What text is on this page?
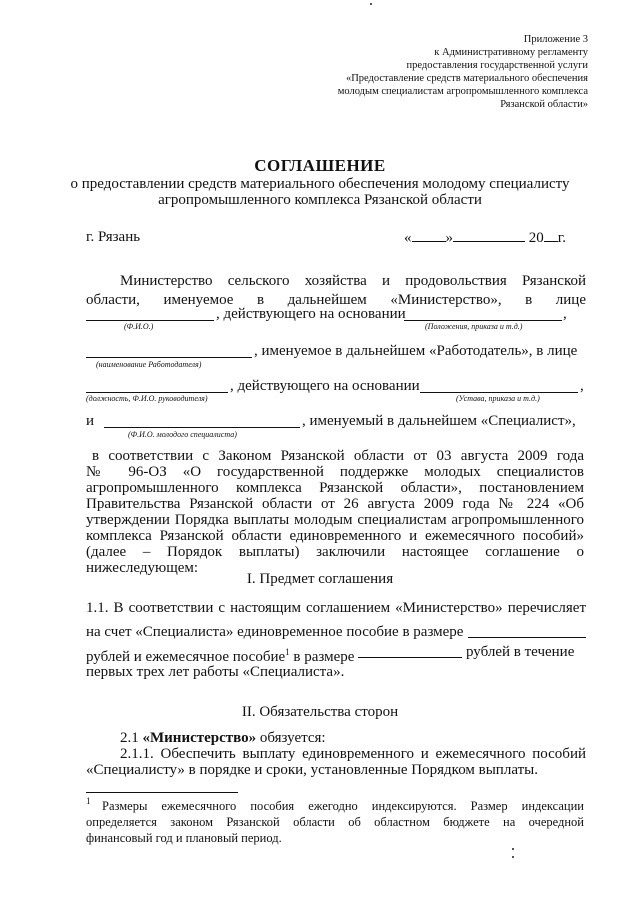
Приложение 3
к Административному регламенту
предоставления государственной услуги
«Предоставление средств материального обеспечения
молодым специалистам агропромышленного комплекса
Рязанской области»
СОГЛАШЕНИЕ
о предоставлении средств материального обеспечения молодому специалисту
агропромышленного комплекса Рязанской области
г. Рязань	« »	20 г.
Министерство сельского хозяйства и продовольствия Рязанской
области, именуемое в дальнейшем «Министерство», в лице
, действующего на основании	,
(Ф.И.О.)	(Положения, приказа и т.д.)
, именуемое в дальнейшем «Работодатель», в лице
(наименование Работодателя)
, действующего на основании	,
(должность, Ф.И.О. руководителя)	(Устава, приказа и т.д.)
и	, именуемый в дальнейшем «Специалист»,
(Ф.И.О. молодого специалиста)
в соответствии с Законом Рязанской области от 03 августа 2009 года
№ 96-ОЗ «О государственной поддержке молодых специалистов
агропромышленного комплекса Рязанской области», постановлением
Правительства Рязанской области от 26 августа 2009 года № 224 «Об
утверждении Порядка выплаты молодым специалистам агропромышленного
комплекса Рязанской области единовременного и ежемесячного пособий»
(далее – Порядок выплаты) заключили настоящее соглашение о
нижеследующем:
I. Предмет соглашения
1.1. В соответствии с настоящим соглашением «Министерство» перечисляет
на счет «Специалиста» единовременное пособие в размере
рублей и ежемесячное пособие$^1$ в размере	рублей в течение
первых трех лет работы «Специалиста».
II. Обязательства сторон
2.1 «Министерство» обязуется:
2.1.1. Обеспечить выплату единовременного и ежемесячного пособий
«Специалисту» в порядке и сроки, установленные Порядком выплаты.
1 Размеры ежемесячного пособия ежегодно индексируются. Размер индексации
определяется законом Рязанской области об областном бюджете на очередной
финансовый год и плановый период.
